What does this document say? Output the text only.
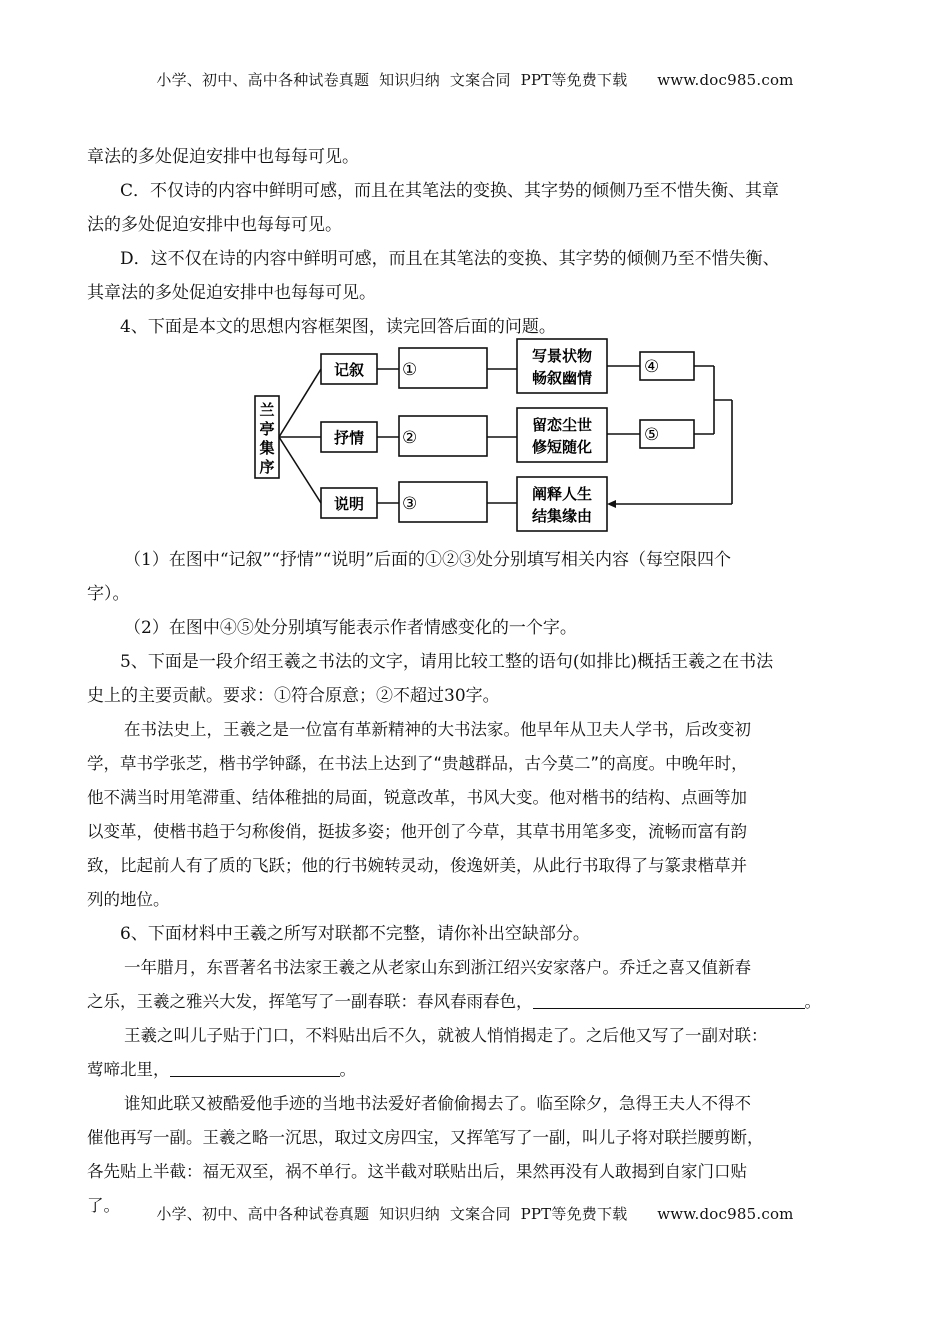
小学、初中、高中各种试卷真题  知识归纳  文案合同  PPT等免费下载      www.doc985.com

章法的多处促迫安排中也每每可见。

C．不仅诗的内容中鲜明可感，而且在其笔法的变换、其字势的倾侧乃至不惜失衡、其章

法的多处促迫安排中也每每可见。

D．这不仅在诗的内容中鲜明可感，而且在其笔法的变换、其字势的倾侧乃至不惜失衡、

其章法的多处促迫安排中也每每可见。

4、下面是本文的思想内容框架图，读完回答后面的问题。

兰
亭
集
序
记叙
抒情
说明
①
②
③
写景状物
畅叙幽情
留恋尘世
修短随化
阐释人生
结集缘由
④
⑤

（1）在图中“记叙”“抒情”“说明”后面的①②③处分别填写相关内容（每空限四个

字）。

（2）在图中④⑤处分别填写能表示作者情感变化的一个字。

5、下面是一段介绍王羲之书法的文字，请用比较工整的语句(如排比)概括王羲之在书法

史上的主要贡献。要求：①符合原意；②不超过30字。

在书法史上，王羲之是一位富有革新精神的大书法家。他早年从卫夫人学书，后改变初

学，草书学张芝，楷书学钟繇，在书法上达到了“贵越群品，古今莫二”的高度。中晚年时，

他不满当时用笔滞重、结体稚拙的局面，锐意改革，书风大变。他对楷书的结构、点画等加

以变革，使楷书趋于匀称俊俏，挺拔多姿；他开创了今草，其草书用笔多变，流畅而富有韵

致，比起前人有了质的飞跃；他的行书婉转灵动，俊逸妍美，从此行书取得了与篆隶楷草并

列的地位。

6、下面材料中王羲之所写对联都不完整，请你补出空缺部分。

一年腊月，东晋著名书法家王羲之从老家山东到浙江绍兴安家落户。乔迁之喜又值新春

之乐，王羲之雅兴大发，挥笔写了一副春联：春风春雨春色，	。

王羲之叫儿子贴于门口，不料贴出后不久，就被人悄悄揭走了。之后他又写了一副对联：

莺啼北里，	。

谁知此联又被酷爱他手迹的当地书法爱好者偷偷揭去了。临至除夕，急得王夫人不得不

催他再写一副。王羲之略一沉思，取过文房四宝，又挥笔写了一副，叫儿子将对联拦腰剪断，

各先贴上半截：福无双至，祸不单行。这半截对联贴出后，果然再没有人敢揭到自家门口贴

了。	小学、初中、高中各种试卷真题  知识归纳  文案合同  PPT等免费下载      www.doc985.com
